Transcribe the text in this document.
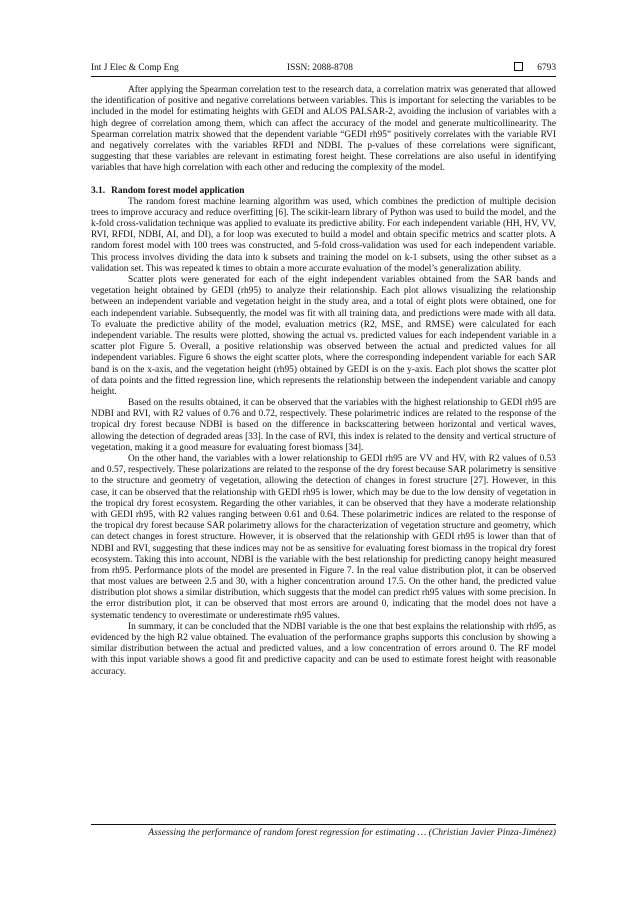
Int J Elec & Comp Eng	ISSN: 2088-8708	6793

After applying the Spearman correlation test to the research data, a correlation matrix was generated that allowed the identification of positive and negative correlations between variables. This is important for selecting the variables to be included in the model for estimating heights with GEDI and ALOS PALSAR-2, avoiding the inclusion of variables with a high degree of correlation among them, which can affect the accuracy of the model and generate multicollinearity. The Spearman correlation matrix showed that the dependent variable “GEDI rh95” positively correlates with the variable RVI and negatively correlates with the variables RFDI and NDBI. The p-values of these correlations were significant, suggesting that these variables are relevant in estimating forest height. These correlations are also useful in identifying variables that have high correlation with each other and reducing the complexity of the model.

3.1. Random forest model application

The random forest machine learning algorithm was used, which combines the prediction of multiple decision trees to improve accuracy and reduce overfitting [6]. The scikit-learn library of Python was used to build the model, and the k-fold cross-validation technique was applied to evaluate its predictive ability. For each independent variable (HH, HV, VV, RVI, RFDI, NDBI, AI, and DI), a for loop was executed to build a model and obtain specific metrics and scatter plots. A random forest model with 100 trees was constructed, and 5-fold cross-validation was used for each independent variable. This process involves dividing the data into k subsets and training the model on k-1 subsets, using the other subset as a validation set. This was repeated k times to obtain a more accurate evaluation of the model’s generalization ability.

Scatter plots were generated for each of the eight independent variables obtained from the SAR bands and vegetation height obtained by GEDI (rh95) to analyze their relationship. Each plot allows visualizing the relationship between an independent variable and vegetation height in the study area, and a total of eight plots were obtained, one for each independent variable. Subsequently, the model was fit with all training data, and predictions were made with all data. To evaluate the predictive ability of the model, evaluation metrics (R2, MSE, and RMSE) were calculated for each independent variable. The results were plotted, showing the actual vs. predicted values for each independent variable in a scatter plot Figure 5. Overall, a positive relationship was observed between the actual and predicted values for all independent variables. Figure 6 shows the eight scatter plots, where the corresponding independent variable for each SAR band is on the x-axis, and the vegetation height (rh95) obtained by GEDI is on the y-axis. Each plot shows the scatter plot of data points and the fitted regression line, which represents the relationship between the independent variable and canopy height.

Based on the results obtained, it can be observed that the variables with the highest relationship to GEDI rh95 are NDBI and RVI, with R2 values of 0.76 and 0.72, respectively. These polarimetric indices are related to the response of the tropical dry forest because NDBI is based on the difference in backscattering between horizontal and vertical waves, allowing the detection of degraded areas [33]. In the case of RVI, this index is related to the density and vertical structure of vegetation, making it a good measure for evaluating forest biomass [34].

On the other hand, the variables with a lower relationship to GEDI rh95 are VV and HV, with R2 values of 0.53 and 0.57, respectively. These polarizations are related to the response of the dry forest because SAR polarimetry is sensitive to the structure and geometry of vegetation, allowing the detection of changes in forest structure [27]. However, in this case, it can be observed that the relationship with GEDI rh95 is lower, which may be due to the low density of vegetation in the tropical dry forest ecosystem. Regarding the other variables, it can be observed that they have a moderate relationship with GEDI rh95, with R2 values ranging between 0.61 and 0.64. These polarimetric indices are related to the response of the tropical dry forest because SAR polarimetry allows for the characterization of vegetation structure and geometry, which can detect changes in forest structure. However, it is observed that the relationship with GEDI rh95 is lower than that of NDBI and RVI, suggesting that these indices may not be as sensitive for evaluating forest biomass in the tropical dry forest ecosystem. Taking this into account, NDBI is the variable with the best relationship for predicting canopy height measured from rh95. Performance plots of the model are presented in Figure 7. In the real value distribution plot, it can be observed that most values are between 2.5 and 30, with a higher concentration around 17.5. On the other hand, the predicted value distribution plot shows a similar distribution, which suggests that the model can predict rh95 values with some precision. In the error distribution plot, it can be observed that most errors are around 0, indicating that the model does not have a systematic tendency to overestimate or underestimate rh95 values.

In summary, it can be concluded that the NDBI variable is the one that best explains the relationship with rh95, as evidenced by the high R2 value obtained. The evaluation of the performance graphs supports this conclusion by showing a similar distribution between the actual and predicted values, and a low concentration of errors around 0. The RF model with this input variable shows a good fit and predictive capacity and can be used to estimate forest height with reasonable accuracy.

Assessing the performance of random forest regression for estimating … (Christian Javier Pinza-Jiménez)
